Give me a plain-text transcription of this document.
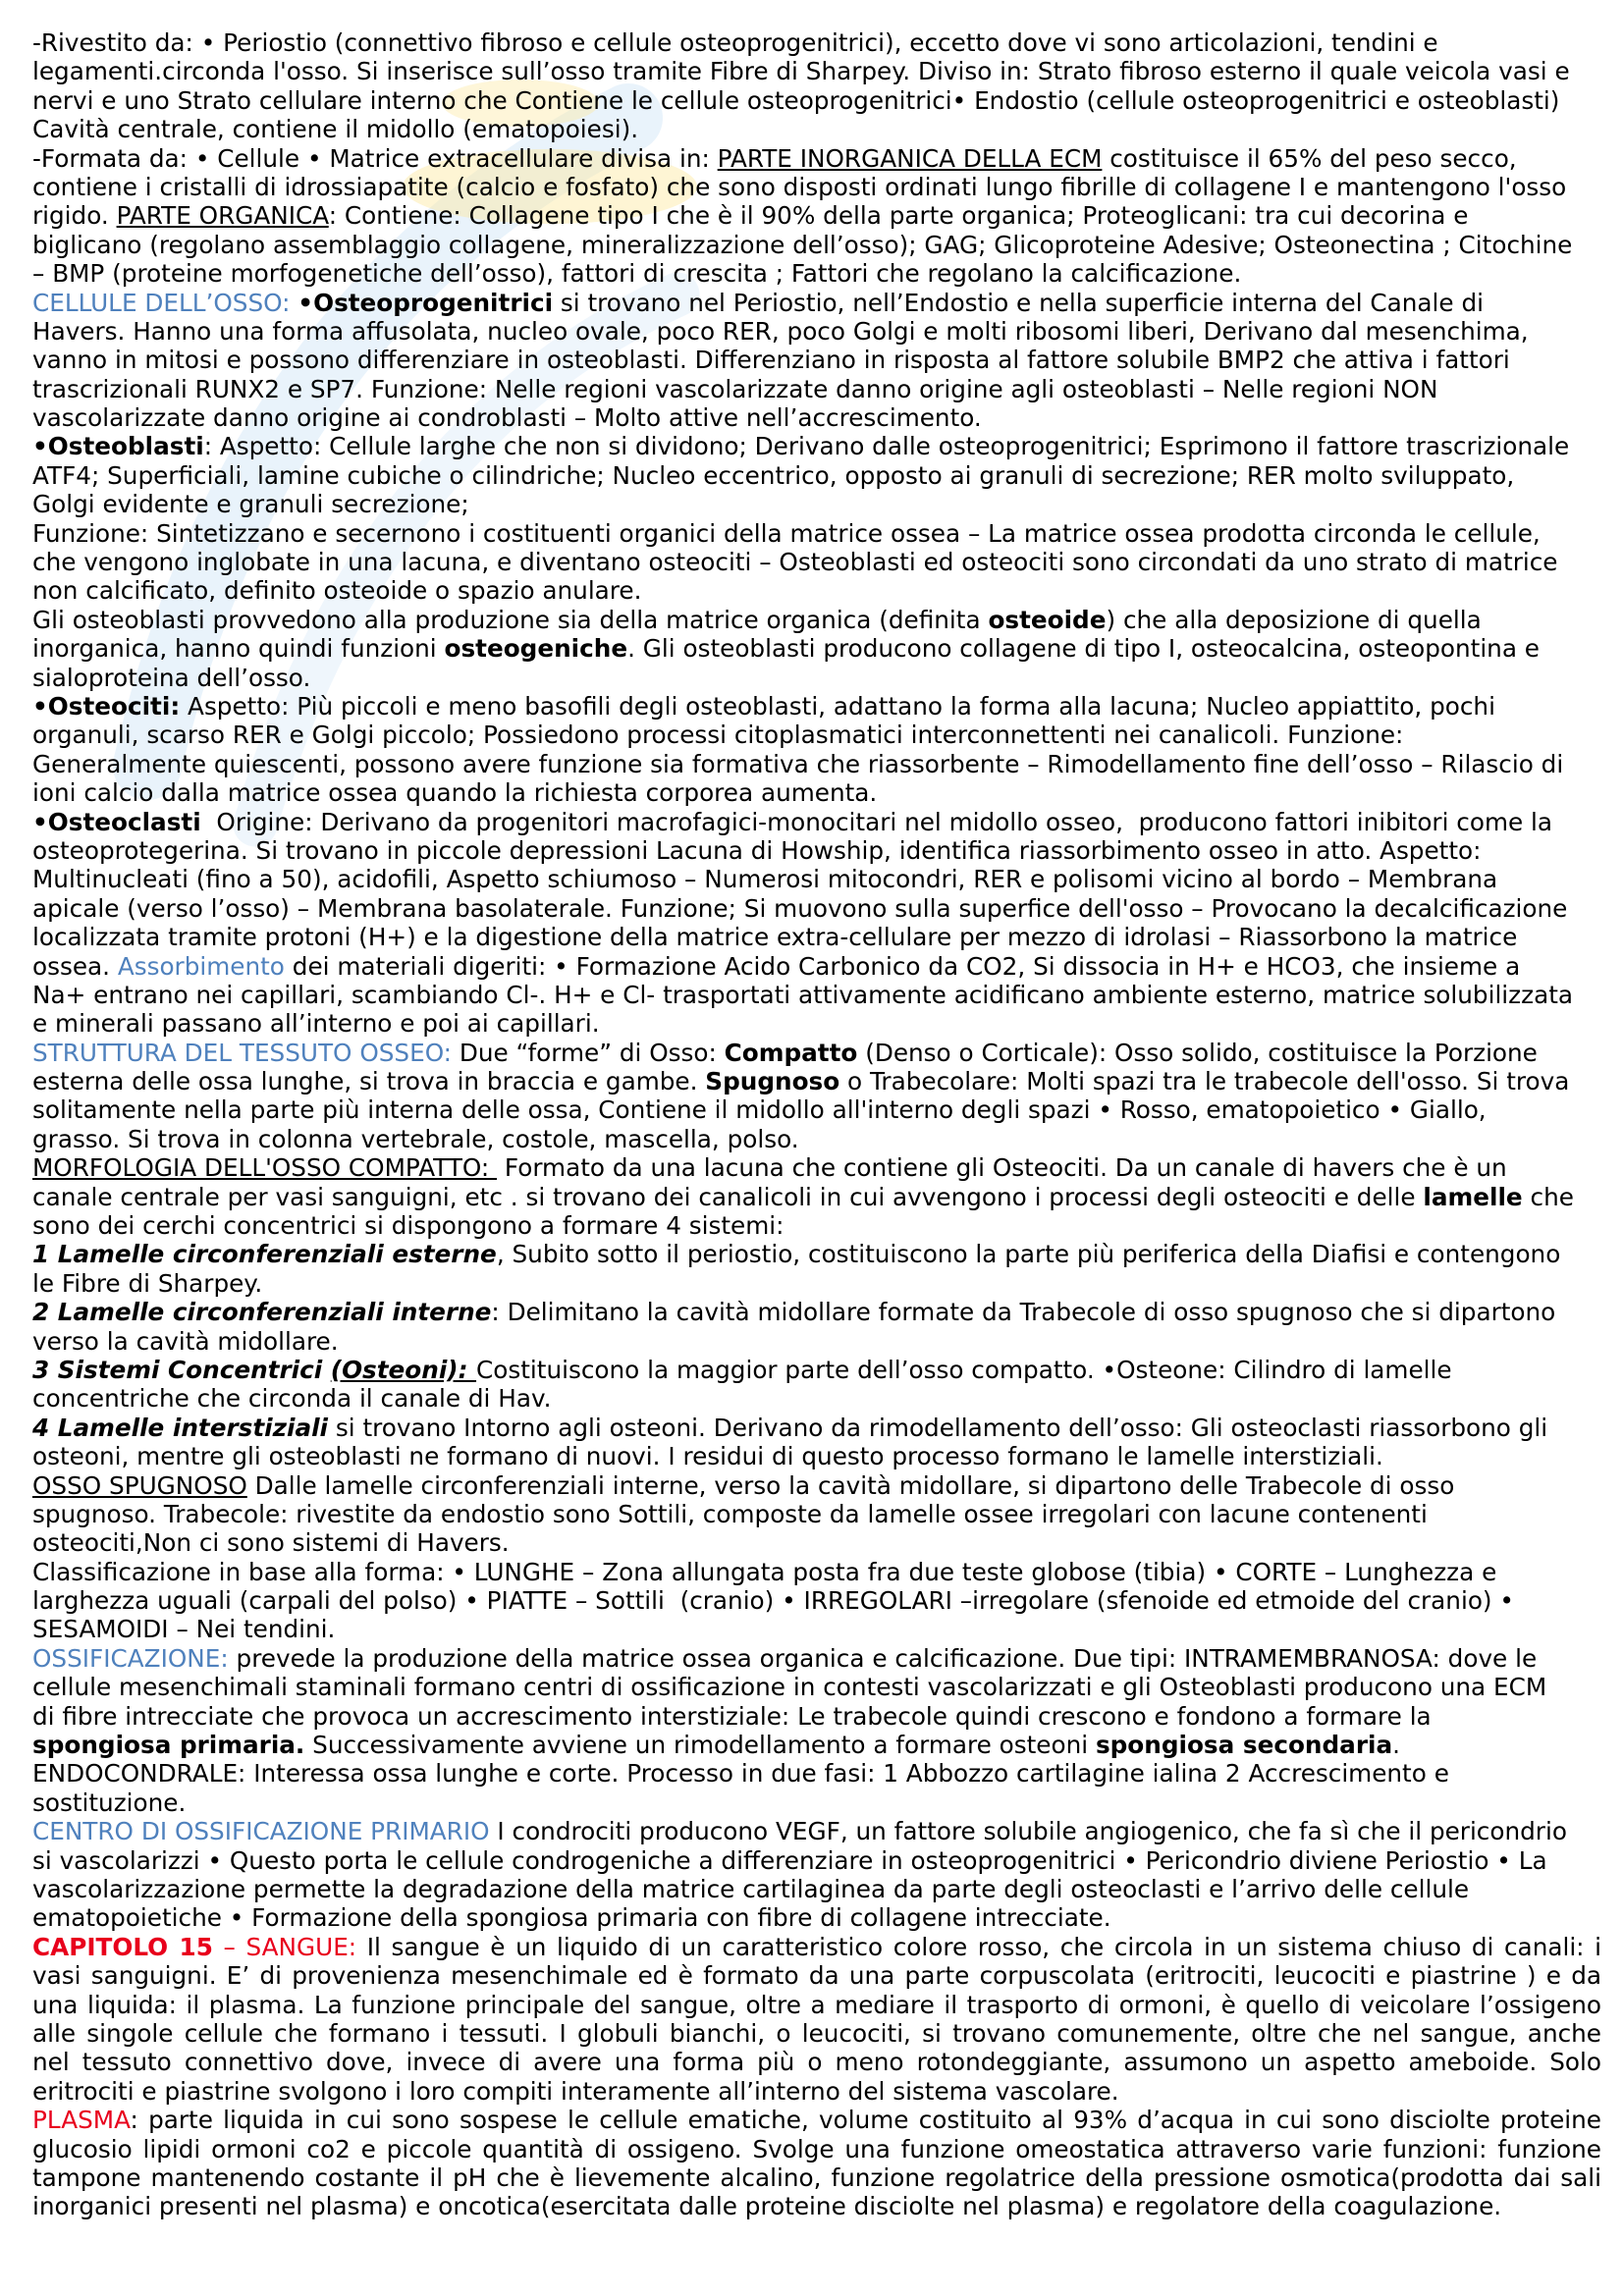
-Rivestito da: • Periostio (connettivo fibroso e cellule osteoprogenitrici), eccetto dove vi sono articolazioni, tendini e
legamenti.circonda l'osso. Si inserisce sull’osso tramite Fibre di Sharpey. Diviso in: Strato fibroso esterno il quale veicola vasi e
nervi e uno Strato cellulare interno che Contiene le cellule osteoprogenitrici• Endostio (cellule osteoprogenitrici e osteoblasti)
Cavità centrale, contiene il midollo (ematopoiesi).
-Formata da: • Cellule • Matrice extracellulare divisa in: PARTE INORGANICA DELLA ECM costituisce il 65% del peso secco,
contiene i cristalli di idrossiapatite (calcio e fosfato) che sono disposti ordinati lungo fibrille di collagene I e mantengono l'osso
rigido. PARTE ORGANICA: Contiene: Collagene tipo I che è il 90% della parte organica; Proteoglicani: tra cui decorina e
biglicano (regolano assemblaggio collagene, mineralizzazione dell’osso); GAG; Glicoproteine Adesive; Osteonectina ; Citochine
– BMP (proteine morfogenetiche dell’osso), fattori di crescita ; Fattori che regolano la calcificazione.
CELLULE DELL’OSSO: •Osteoprogenitrici si trovano nel Periostio, nell’Endostio e nella superficie interna del Canale di
Havers. Hanno una forma affusolata, nucleo ovale, poco RER, poco Golgi e molti ribosomi liberi, Derivano dal mesenchima,
vanno in mitosi e possono differenziare in osteoblasti. Differenziano in risposta al fattore solubile BMP2 che attiva i fattori
trascrizionali RUNX2 e SP7. Funzione: Nelle regioni vascolarizzate danno origine agli osteoblasti – Nelle regioni NON
vascolarizzate danno origine ai condroblasti – Molto attive nell’accrescimento.
•Osteoblasti: Aspetto: Cellule larghe che non si dividono; Derivano dalle osteoprogenitrici; Esprimono il fattore trascrizionale
ATF4; Superficiali, lamine cubiche o cilindriche; Nucleo eccentrico, opposto ai granuli di secrezione; RER molto sviluppato,
Golgi evidente e granuli secrezione;
Funzione: Sintetizzano e secernono i costituenti organici della matrice ossea – La matrice ossea prodotta circonda le cellule,
che vengono inglobate in una lacuna, e diventano osteociti – Osteoblasti ed osteociti sono circondati da uno strato di matrice
non calcificato, definito osteoide o spazio anulare.
Gli osteoblasti provvedono alla produzione sia della matrice organica (definita osteoide) che alla deposizione di quella
inorganica, hanno quindi funzioni osteogeniche. Gli osteoblasti producono collagene di tipo I, osteocalcina, osteopontina e
sialoproteina dell’osso.
•Osteociti: Aspetto: Più piccoli e meno basofili degli osteoblasti, adattano la forma alla lacuna; Nucleo appiattito, pochi
organuli, scarso RER e Golgi piccolo; Possiedono processi citoplasmatici interconnettenti nei canalicoli. Funzione:
Generalmente quiescenti, possono avere funzione sia formativa che riassorbente – Rimodellamento fine dell’osso – Rilascio di
ioni calcio dalla matrice ossea quando la richiesta corporea aumenta.
•Osteoclasti  Origine: Derivano da progenitori macrofagici-monocitari nel midollo osseo,  producono fattori inibitori come la
osteoprotegerina. Si trovano in piccole depressioni Lacuna di Howship, identifica riassorbimento osseo in atto. Aspetto:
Multinucleati (fino a 50), acidofili, Aspetto schiumoso – Numerosi mitocondri, RER e polisomi vicino al bordo – Membrana
apicale (verso l’osso) – Membrana basolaterale. Funzione; Si muovono sulla superfice dell'osso – Provocano la decalcificazione
localizzata tramite protoni (H+) e la digestione della matrice extra-cellulare per mezzo di idrolasi – Riassorbono la matrice
ossea. Assorbimento dei materiali digeriti: • Formazione Acido Carbonico da CO2, Si dissocia in H+ e HCO3, che insieme a
Na+ entrano nei capillari, scambiando Cl-. H+ e Cl- trasportati attivamente acidificano ambiente esterno, matrice solubilizzata
e minerali passano all’interno e poi ai capillari.
STRUTTURA DEL TESSUTO OSSEO: Due “forme” di Osso: Compatto (Denso o Corticale): Osso solido, costituisce la Porzione
esterna delle ossa lunghe, si trova in braccia e gambe. Spugnoso o Trabecolare: Molti spazi tra le trabecole dell'osso. Si trova
solitamente nella parte più interna delle ossa, Contiene il midollo all'interno degli spazi • Rosso, ematopoietico • Giallo,
grasso. Si trova in colonna vertebrale, costole, mascella, polso.
MORFOLOGIA DELL'OSSO COMPATTO:  Formato da una lacuna che contiene gli Osteociti. Da un canale di havers che è un
canale centrale per vasi sanguigni, etc . si trovano dei canalicoli in cui avvengono i processi degli osteociti e delle lamelle che
sono dei cerchi concentrici si dispongono a formare 4 sistemi:
1 Lamelle circonferenziali esterne, Subito sotto il periostio, costituiscono la parte più periferica della Diafisi e contengono
le Fibre di Sharpey.
2 Lamelle circonferenziali interne: Delimitano la cavità midollare formate da Trabecole di osso spugnoso che si dipartono
verso la cavità midollare.
3 Sistemi Concentrici (Osteoni): Costituiscono la maggior parte dell’osso compatto. •Osteone: Cilindro di lamelle
concentriche che circonda il canale di Hav.
4 Lamelle interstiziali si trovano Intorno agli osteoni. Derivano da rimodellamento dell’osso: Gli osteoclasti riassorbono gli
osteoni, mentre gli osteoblasti ne formano di nuovi. I residui di questo processo formano le lamelle interstiziali.
OSSO SPUGNOSO Dalle lamelle circonferenziali interne, verso la cavità midollare, si dipartono delle Trabecole di osso
spugnoso. Trabecole: rivestite da endostio sono Sottili, composte da lamelle ossee irregolari con lacune contenenti
osteociti,Non ci sono sistemi di Havers.
Classificazione in base alla forma: • LUNGHE – Zona allungata posta fra due teste globose (tibia) • CORTE – Lunghezza e
larghezza uguali (carpali del polso) • PIATTE – Sottili  (cranio) • IRREGOLARI –irregolare (sfenoide ed etmoide del cranio) •
SESAMOIDI – Nei tendini.
OSSIFICAZIONE: prevede la produzione della matrice ossea organica e calcificazione. Due tipi: INTRAMEMBRANOSA: dove le
cellule mesenchimali staminali formano centri di ossificazione in contesti vascolarizzati e gli Osteoblasti producono una ECM
di fibre intrecciate che provoca un accrescimento interstiziale: Le trabecole quindi crescono e fondono a formare la
spongiosa primaria. Successivamente avviene un rimodellamento a formare osteoni spongiosa secondaria.
ENDOCONDRALE: Interessa ossa lunghe e corte. Processo in due fasi: 1 Abbozzo cartilagine ialina 2 Accrescimento e
sostituzione.
CENTRO DI OSSIFICAZIONE PRIMARIO I condrociti producono VEGF, un fattore solubile angiogenico, che fa sì che il pericondrio
si vascolarizzi • Questo porta le cellule condrogeniche a differenziare in osteoprogenitrici • Pericondrio diviene Periostio • La
vascolarizzazione permette la degradazione della matrice cartilaginea da parte degli osteoclasti e l’arrivo delle cellule
ematopoietiche • Formazione della spongiosa primaria con fibre di collagene intrecciate.
CAPITOLO 15 – SANGUE: Il sangue è un liquido di un caratteristico colore rosso, che circola in un sistema chiuso di canali: i
vasi sanguigni. E’ di provenienza mesenchimale ed è formato da una parte corpuscolata (eritrociti, leucociti e piastrine ) e da
una liquida: il plasma. La funzione principale del sangue, oltre a mediare il trasporto di ormoni, è quello di veicolare l’ossigeno
alle singole cellule che formano i tessuti. I globuli bianchi, o leucociti, si trovano comunemente, oltre che nel sangue, anche
nel tessuto connettivo dove, invece di avere una forma più o meno rotondeggiante, assumono un aspetto ameboide. Solo
eritrociti e piastrine svolgono i loro compiti interamente all’interno del sistema vascolare.
PLASMA: parte liquida in cui sono sospese le cellule ematiche, volume costituito al 93% d’acqua in cui sono disciolte proteine
glucosio lipidi ormoni co2 e piccole quantità di ossigeno. Svolge una funzione omeostatica attraverso varie funzioni: funzione
tampone mantenendo costante il pH che è lievemente alcalino, funzione regolatrice della pressione osmotica(prodotta dai sali
inorganici presenti nel plasma) e oncotica(esercitata dalle proteine disciolte nel plasma) e regolatore della coagulazione.
